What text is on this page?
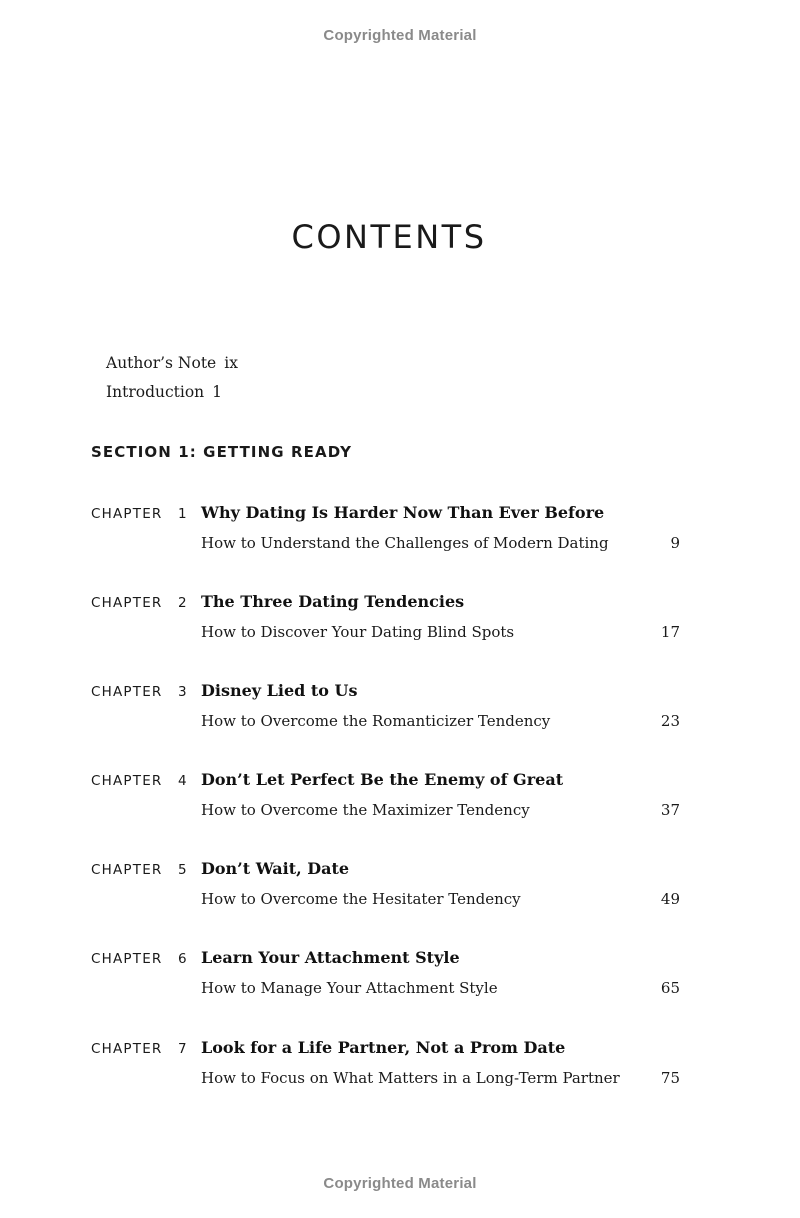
Copyrighted Material
CONTENTS
Author’s Note ix
Introduction 1
SECTION 1: GETTING READY
CHAPTER 1 Why Dating Is Harder Now Than Ever Before
How to Understand the Challenges of Modern Dating	9
CHAPTER 2 The Three Dating Tendencies
How to Discover Your Dating Blind Spots	17
CHAPTER 3 Disney Lied to Us
How to Overcome the Romanticizer Tendency	23
CHAPTER 4 Don’t Let Perfect Be the Enemy of Great
How to Overcome the Maximizer Tendency	37
CHAPTER 5 Don’t Wait, Date
How to Overcome the Hesitater Tendency	49
CHAPTER 6 Learn Your Attachment Style
How to Manage Your Attachment Style	65
CHAPTER 7 Look for a Life Partner, Not a Prom Date
How to Focus on What Matters in a Long-Term Partner	75
Copyrighted Material
